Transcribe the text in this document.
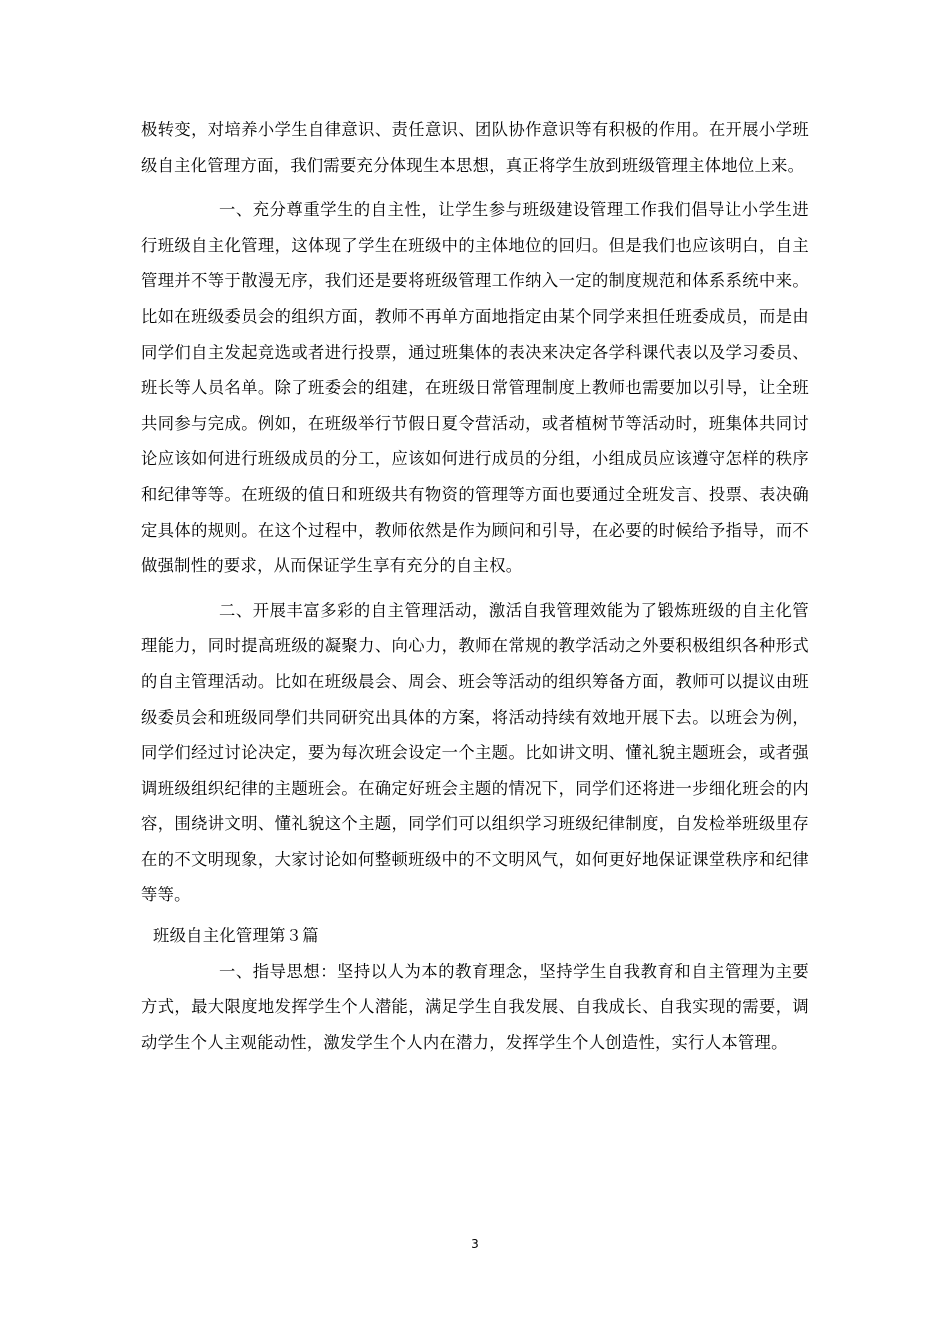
极转变，对培养小学生自律意识、责任意识、团队协作意识等有积极的作用。在开展小学班级自主化管理方面，我们需要充分体现生本思想，真正将学生放到班级管理主体地位上来。

一、充分尊重学生的自主性，让学生参与班级建设管理工作我们倡导让小学生进行班级自主化管理，这体现了学生在班级中的主体地位的回归。但是我们也应该明白，自主管理并不等于散漫无序，我们还是要将班级管理工作纳入一定的制度规范和体系系统中来。比如在班级委员会的组织方面，教师不再单方面地指定由某个同学来担任班委成员，而是由同学们自主发起竞选或者进行投票，通过班集体的表决来决定各学科课代表以及学习委员、班长等人员名单。除了班委会的组建，在班级日常管理制度上教师也需要加以引导，让全班共同参与完成。例如，在班级举行节假日夏令营活动，或者植树节等活动时，班集体共同讨论应该如何进行班级成员的分工，应该如何进行成员的分组，小组成员应该遵守怎样的秩序和纪律等等。在班级的值日和班级共有物资的管理等方面也要通过全班发言、投票、表决确定具体的规则。在这个过程中，教师依然是作为顾问和引导，在必要的时候给予指导，而不做强制性的要求，从而保证学生享有充分的自主权。

二、开展丰富多彩的自主管理活动，激活自我管理效能为了锻炼班级的自主化管理能力，同时提高班级的凝聚力、向心力，教师在常规的教学活动之外要积极组织各种形式的自主管理活动。比如在班级晨会、周会、班会等活动的组织筹备方面，教师可以提议由班级委员会和班级同學们共同研究出具体的方案，将活动持续有效地开展下去。以班会为例，同学们经过讨论决定，要为每次班会设定一个主题。比如讲文明、懂礼貌主题班会，或者强调班级组织纪律的主题班会。在确定好班会主题的情况下，同学们还将进一步细化班会的内容，围绕讲文明、懂礼貌这个主题，同学们可以组织学习班级纪律制度，自发检举班级里存在的不文明现象，大家讨论如何整顿班级中的不文明风气，如何更好地保证课堂秩序和纪律等等。

班级自主化管理第３篇

一、指导思想：坚持以人为本的教育理念，坚持学生自我教育和自主管理为主要方式，最大限度地发挥学生个人潜能，满足学生自我发展、自我成长、自我实现的需要，调动学生个人主观能动性，激发学生个人内在潜力，发挥学生个人创造性，实行人本管理。

3
